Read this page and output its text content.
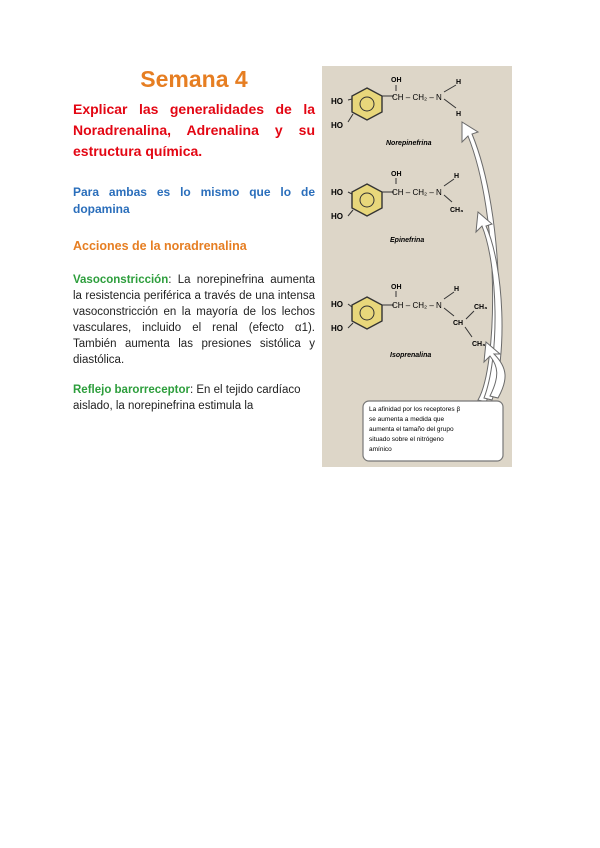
Semana 4

Explicar las generalidades de la Noradrenalina, Adrenalina y su estructura química.

Para ambas es lo mismo que lo de dopamina

Acciones de la noradrenalina

Vasoconstricción: La norepinefrina aumenta la resistencia periférica a través de una intensa vasoconstricción en la mayoría de los lechos vasculares, incluido el renal (efecto α1). También aumenta las presiones sistólica y diastólica.

Reflejo barorreceptor: En el tejido cardíaco aislado, la norepinefrina estimula la

HO
HO
OH
CH – CH₂ – N
H
H
Norepinefrina
HO
HO
OH
CH – CH₂ – N
H
CH₃
Epinefrina
HO
HO
OH
CH – CH₂ – N
H
CH
CH₃
CH₃
Isoprenalina
La afinidad por los receptores β
se aumenta a medida que
aumenta el tamaño del grupo
situado sobre el nitrógeno
amínico
